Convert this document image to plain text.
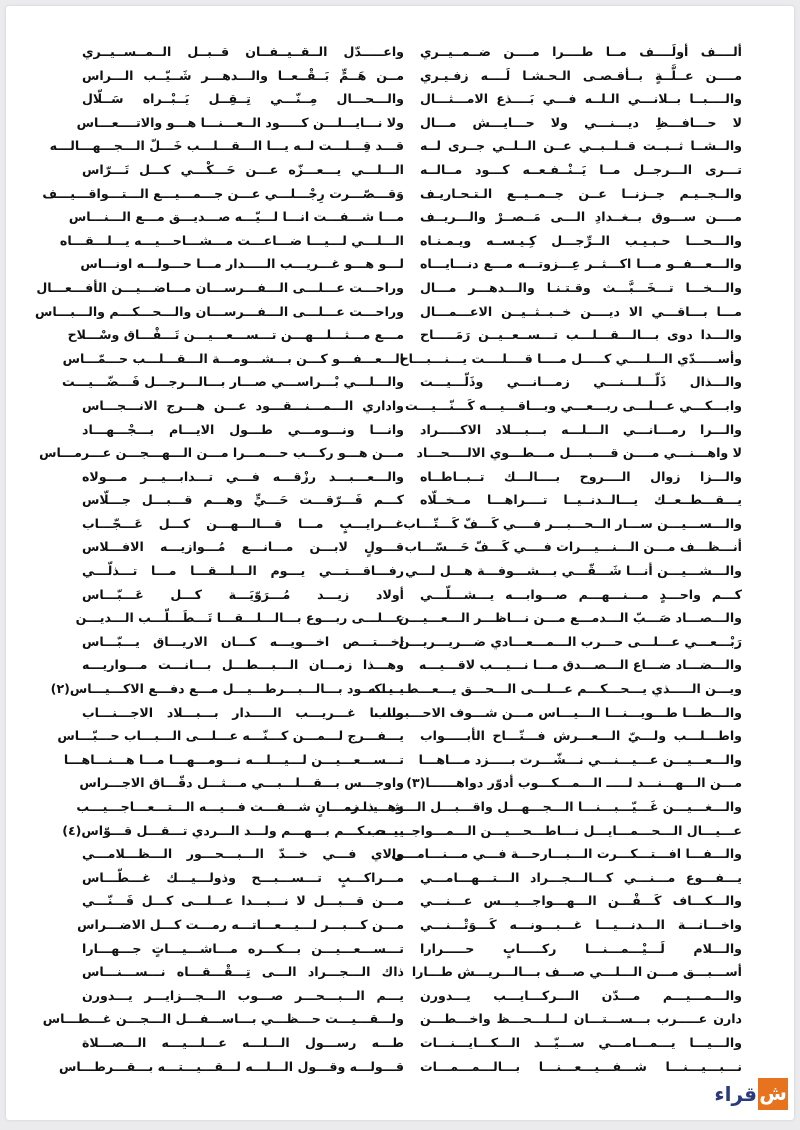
ألــــف أولَــــف مــا طــــرا مــــن ضــمــيــري
مــــن عــلَّــةٍ بــأقـصـى الـحـشـا لَــــه زفـيـري
والــــبــا بــلانـــي الـلــه فـــي بَــــذع الامـــثـــال
لا حـــافـــظِ ديـــنـــي ولا حـــايـــش مـــال
والــشــا ثــبــت قــلــبــي عــن الــلــي جــرى لــه
تـــرى الـــرجــل مــا يَــنْــفـعــه كـــود مــالــه
والــجــيـم جــزنــا عــن جــمــيــع الـتـحـاريـف
مــــن ســـوق بــغــدادِ الـــى مَــصــرْ والـــريــف
والـــحـــا حـبـيـب الــرِّجـــل كِـيـســه ويـمـنـاه
والـــعـــفــو مـــا اكـــثــر عِـــزوتـــه مـــع دنـــايـــاه
والـــخـــا تـــخَـــبَّـــث وقـتـنـا والـــدهـــر مـــال
مـــا بـــاقـــي الا ديــــن خــبــثــيــن الاعـــمـــال
والـــدا دوى بـــالـــقـــلـــب تـــســعــيــن رَمَـــــاح
وأســـــدّي الـــلــــي كـــــل مــــا قــــلــــت يـــنـــبـــاح
والـــذال ذَلّـــلـــنـــي زمـــانـــي وذَلّـــيـــت
وابـــكـــي عـــلـــى ربـــعـــي وبـــاقـــيـــه كَـــنّـــيـــت
والـــرا رمـــانـــي الـــلـــه بـــبـــلاد الاكـــــراد
لا واهـــنـــي مــــن قــــبــــل مـــطـــوي الالــــحـــاد
والـــزا زوال الــــروح بــــالـــك تــبــاطــاه
يـــقـــطــعــك يـــالــدنــيــا تــــراهـــا مــخــلّاه
والـــســـيـــن ســـار الــحـــبـــر فــــي كَـــفّ كَـــتّـــاب
أنـــظـــف مـــن الـــنـــيـــرات فــــي كَـــفّ حَـــسّـــاب
والـــشـــيـــن أنـــا شَـــقّـــي بـــشـــوفـــة هـــل لـــي
كـــم واحـــدٍ مـــنـــهـــم صـــوابـــه يـــشـــلّـــي
والـــصـــاد صَـــبّ الـــدمـــع مـــن نـــاظـــر الـــعـــيـــن
رَبْـــعـــي عـــلـــى حـــرب الـــمـــعـــادي ضـــريـــريـــن
والـــضـــاد ضـــاع الـــصـــدق مـــا نـــيـــب لاقـــيـــه
ويـــن الـــــذي يـــحـــكـــم عـــلـــى الـــحـــق يـــعـــطـــيـــه
والـــطـــا طـــويـــنـــا الـــيـــاس مـــن شـــوف الاحـــبـــاب
واطـــلـــب ولـــيّ الـــعـــرش فـــتّـــاح الأبـــــواب
والـــعـــيـــن عـــيـــنـــي نـــشّـــرت بـــــزد مـــاهـــا
مـــن الـــهـــنـــد لـــــ الـــمـــكـــوب أدوّر دواهــــــا(٣)
والـــغـــيـــن غَـــيّـــبـــنـــا الـــجـــهـــل واقـــبـــل الـــشـــيـــب
عـــيـــال الـــحـــمـــايـــل نـــاطـــحـــيـــن الـــمـــواجـــيـــب
والـــفـــا افـــتـــكـــرت الـــبـــارحـــة فـــي مـــنـــامـــي
يـــفـــوع مـــنـــي كـــالـــجـــراد الـــتـــهـــامـــي
والـــكـــاف كَـــفْـــن الـــهـــواجـــيـــس عـــنـــي
واخـــانـــة الـــدنـــيـــا غـــبـــونـــه كَـــوَتْـــنـــي
والـــلام لَـــيْـــمـــنـــا ركـــــابٍ حـــــرارا
أســـبـــق مـــن الـــلـــي صـــف بـــالـــريـــش طـــارا
والـــمـــيـــم مـــدّن الـــركـــايـــب يـــدورن
دارن عـــــرب بـــســـتـــان لـــلـــحـــظ واخـــطـــن
والـــيـــا يـــمـــامـــي ســـيّـــد الـــكـــايـــنـــات
نـــبـــيـــنـــا شـــفـــيـــعـــنـــا بـــالـــمـــمـــات
واعـــــدّل الــقــيــفــان قــبــل الــمــســيــري
مــن هَــمٍّ بَــقْــعــا والـــدهـــر شَــيّــب الـــراس
والـــحـــال مِــنّـــي تِــقِــل يَــبْــراه سَــلّال
ولا نـــايـــلـــن كـــــود الــعـــنـــا هـــو والاتــــعـــاس
قـــد قِـــلـــت لــه يـــا الـــقـــلـــب خَـــلّ الـــجـــهـــالـــه
الـــلـــي يـــعـــزّه عـــن حَـــكْـــي كـــل تَـــرّاس
وَقـــصّـــرت رِجْـــلـــي عـــن جـــمـــيـــع الـــتـــواقـــيـــف
مـــا شـــفـــت انـــا لـــيّـــه صـــديـــق مـــع الـــنـــاس
الـــلـــي لـــيـــا ضـــاعـــت مـــشـــاحـــيـــه يـــلـــقـــاه
لـــو هـــو غـــريـــب الـــــدار مـــا حـــولـــه اونـــاس
وراحـــت عـــلـــى الـــفـــرســـان مـــاضـــيـــن الأفـــعـــال
وراحـــت عـــلـــى الـــفـــرســـان والـــحـــكـــم والـــبـــاس
مـــع مـــثـــلـــهـــن تـــســـعـــيـــن تَـــفْـــاق وسْـــلاح
الـــعـــفـــو كـــن بـــشـــومـــة الـــقـــلـــب حـــمّـــاس
والـــلـــي بْـــراســـي صـــار بـــالـــرجـــل فَـــضّـــيـــت
واداري الـــمـــنـــقـــود عـــن هـــرج الانـــجـــاس
وانـــا ونـــومـــي طـــول الايـــام بـــجْـــهـــاد
مـــن هـــو ركـــب حـــمـــرا مـــن الـــهـــجـــن عـــرمـــاس
والـــعـــبـــد رزْقـــه فـــي تـــدابـــيـــر مـــولاه
كـــم فَـــرّقـــت حَـــيٍّ وهـــم قـــبـــل جـــلّاس
غـــرايـــبٍ مـــا قـــالـــهـــن كـــل عَـــجّـــاب
قـــولٍ لابـــن مـــانـــع مُـــوازيـــه الافـــلاس
رفـــاقـــتـــي يـــوم الـــلـــقـــا مـــا تـــذلّـــي
أولاد زيـــد مُـــرَوّيَـــة كـــل عَـــبّـــاس
عـــلـــى ربـــوع بـــالـــلـــقـــا تَـــطَـــلّـــب الـــديـــن
اخـــتـــص اخـــويـــه كـــان الاريـــاق يـــبّـــاس
وهـــذا زمـــان الـــبـــطـــل بـــانـــت مـــواريـــه
يـــاكـــود بـــالـــبـــرطـــيـــل مـــع دفـــع الاكـــيـــاس(٢)
وانـــا غـــريـــب الـــــدار بـــبـــلاد الاجـــنـــاب
يـــفـــرج لـــمـــن كـــنّـــه عـــلـــى الـــبـــاب حـــبّـــاس
تـــســـعـــيـــن لـــيـــلـــه نـــومـــهـــا مـــا هـــنـــاهـــا
واوجـــس بـــقـــلـــبـــي مـــثـــل دقّـــاق الاجـــراس
وهـــذا زمـــانٍ شـــفـــت فـــيـــه الـــتـــعـــاجـــيـــب
يـــحـــكـــم بـــهـــم ولـــد الـــردي تـــقـــل قـــوّاس(٤)
والاي فـــي خـــدّ الـــبـــحـــور الـــظـــلامـــي
مـــراكـــبٍ تـــســـبـــح وذولـــيـــك غـــطّـــاس
مـــن قـــبـــل لا نـــبـــدا عـــلـــى كـــل فَـــنّـــي
مـــن كـــبـــر لـــيـــعـــاتـــه رمـــت كـــل الاضـــراس
تـــســـعـــيـــن بـــكـــره مـــاشـــيـــاتٍ جـــهـــارا
ذاك الـــجـــراد الـــى تِـــقْـــقـــاه نـــســـنـــاس
يـــم الـــبـــحـــر صـــوب الـــجـــزايـــر يـــدورن
ولـــقـــيـــت حـــظـــي بـــاســـفـــل الـــجـــن غـــطـــاس
طـــه رســـول الـــلـــه عـــلـــيـــه الـــصـــلاة
قـــولـــه وقـــول الـــلـــه لـــقـــيـــتـــه بـــقـــرطـــاس
ش
قراء
